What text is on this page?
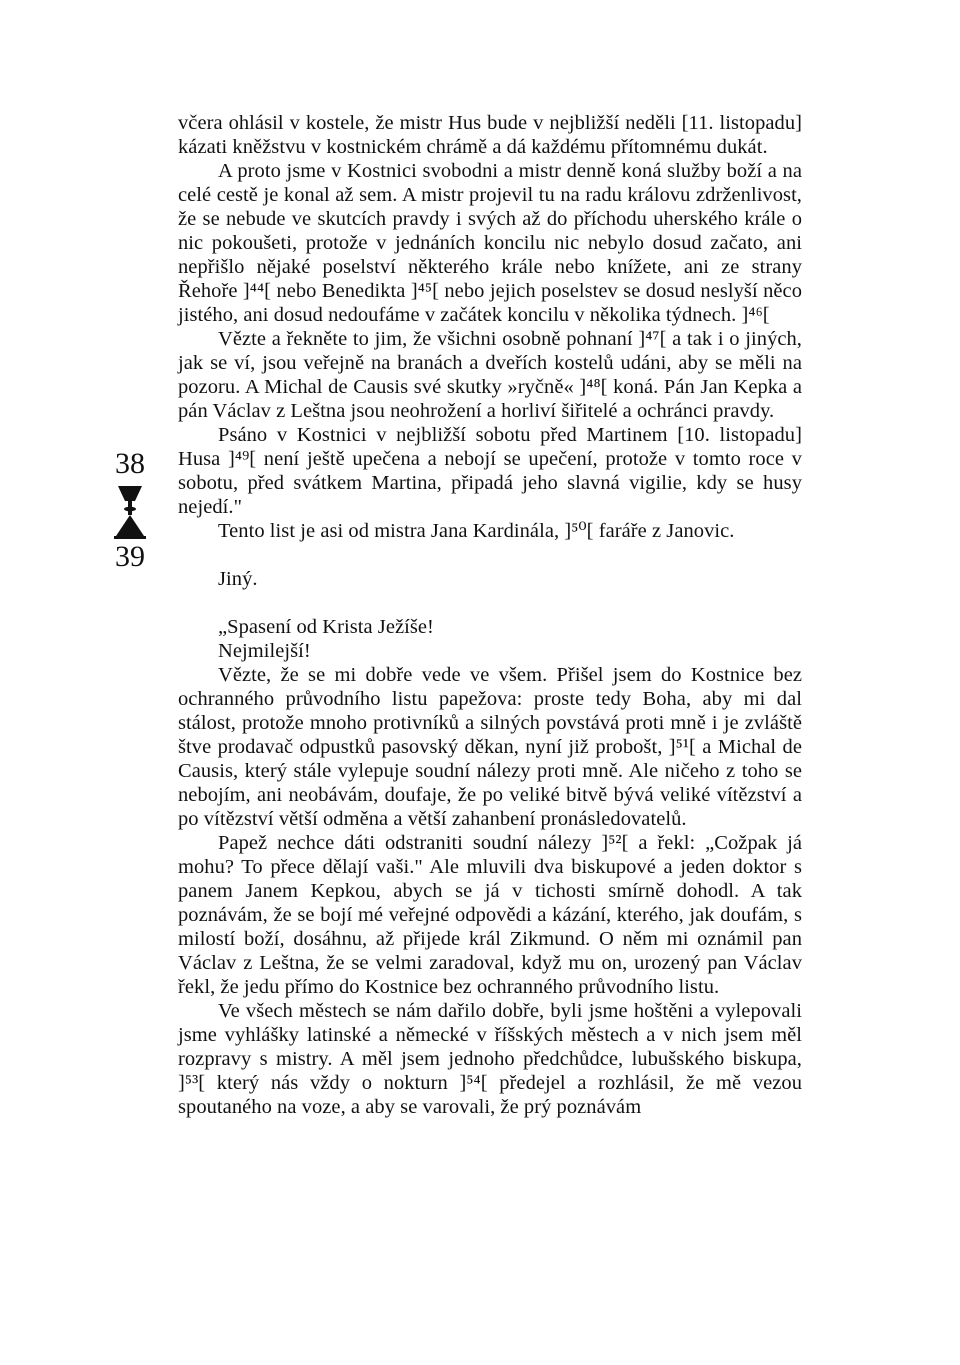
38
39

včera ohlásil v kostele, že mistr Hus bude v nejbližší neděli [11. listopadu] kázati kněžstvu v kostnickém chrámě a dá každému přítomnému dukát.

A proto jsme v Kostnici svobodni a mistr denně koná služby boží a na celé cestě je konal až sem. A mistr projevil tu na radu královu zdrženlivost, že se nebude ve skutcích pravdy i svých až do příchodu uherského krále o nic pokoušeti, protože v jednáních koncilu nic nebylo dosud začato, ani nepřišlo nějaké poselství některého krále nebo knížete, ani ze strany Řehoře ]⁴⁴[ nebo Benedikta ]⁴⁵[ nebo jejich poselstev se dosud neslyší něco jistého, ani dosud nedoufáme v začátek koncilu v několika týdnech. ]⁴⁶[

Vězte a řekněte to jim, že všichni osobně pohnaní ]⁴⁷[ a tak i o jiných, jak se ví, jsou veřejně na branách a dveřích kostelů udáni, aby se měli na pozoru. A Michal de Causis své skutky »ryčně« ]⁴⁸[ koná. Pán Jan Kepka a pán Václav z Leštna jsou neohrožení a horliví šiřitelé a ochránci pravdy.

Psáno v Kostnici v nejbližší sobotu před Martinem [10. listopadu] Husa ]⁴⁹[ není ještě upečena a nebojí se upečení, protože v tomto roce v sobotu, před svátkem Martina, připadá jeho slavná vigilie, kdy se husy nejedí."

Tento list je asi od mistra Jana Kardinála, ]⁵⁰[ faráře z Janovic.

Jiný.

„Spasení od Krista Ježíše!

Nejmilejší!

Vězte, že se mi dobře vede ve všem. Přišel jsem do Kostnice bez ochranného průvodního listu papežova: proste tedy Boha, aby mi dal stálost, protože mnoho protivníků a silných povstává proti mně i je zvláště štve prodavač odpustků pasovský děkan, nyní již probošt, ]⁵¹[ a Michal de Causis, který stále vylepuje soudní nálezy proti mně. Ale ničeho z toho se nebojím, ani neobávám, doufaje, že po veliké bitvě bývá veliké vítězství a po vítězství větší odměna a větší zahanbení pronásledovatelů.

Papež nechce dáti odstraniti soudní nálezy ]⁵²[ a řekl: „Cožpak já mohu? To přece dělají vaši." Ale mluvili dva biskupové a jeden doktor s panem Janem Kepkou, abych se já v tichosti smírně dohodl. A tak poznávám, že se bojí mé veřejné odpovědi a kázání, kterého, jak doufám, s milostí boží, dosáhnu, až přijede král Zikmund. O něm mi oznámil pan Václav z Leštna, že se velmi zaradoval, když mu on, urozený pan Václav řekl, že jedu přímo do Kostnice bez ochranného průvodního listu.

Ve všech městech se nám dařilo dobře, byli jsme hoštěni a vylepovali jsme vyhlášky latinské a německé v říšských městech a v nich jsem měl rozpravy s mistry. A měl jsem jednoho předchůdce, lubušského biskupa, ]⁵³[ který nás vždy o nokturn ]⁵⁴[ předejel a rozhlásil, že mě vezou spoutaného na voze, a aby se varovali, že prý poznávám
